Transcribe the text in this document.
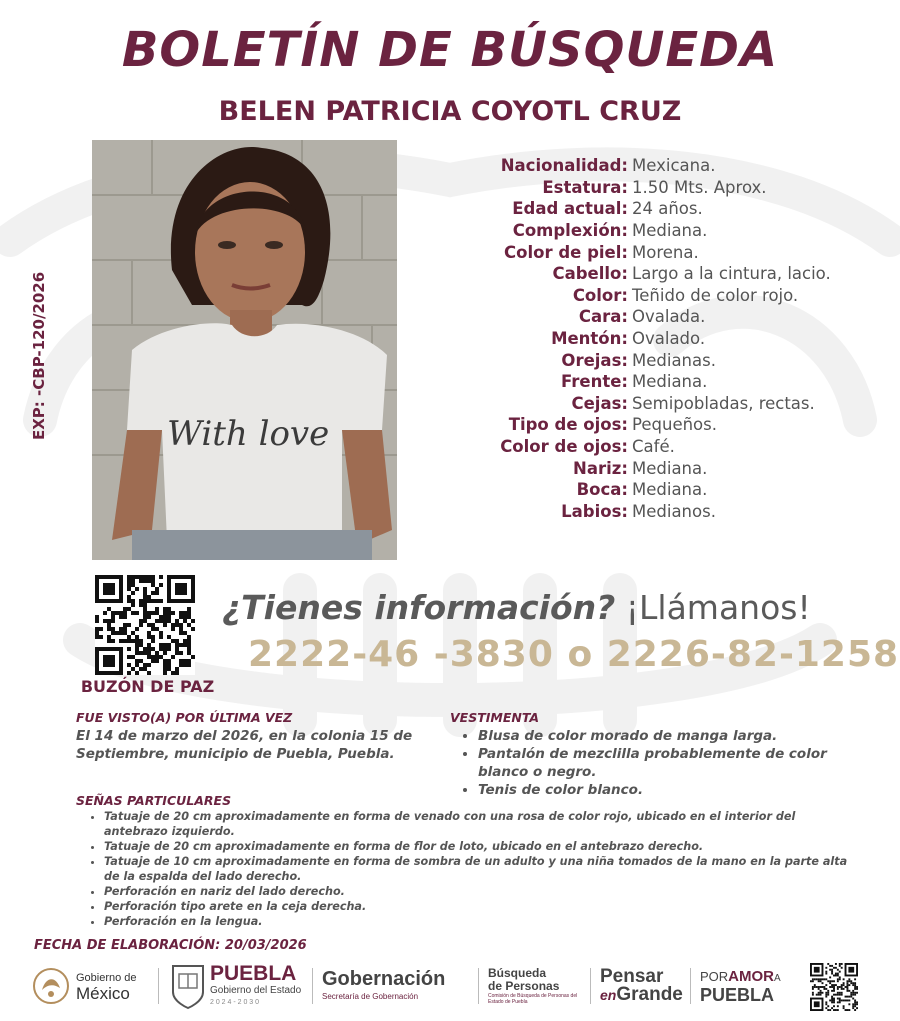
BOLETÍN DE BÚSQUEDA
BELEN PATRICIA COYOTL CRUZ
EXP: -CBP-120/2026	With love
Nacionalidad: Mexicana.
Estatura: 1.50 Mts. Aprox.
Edad actual: 24 años.
Complexión: Mediana.
Color de piel: Morena.
Cabello: Largo a la cintura, lacio.
Color: Teñido de color rojo.
Cara: Ovalada.
Mentón: Ovalado.
Orejas: Medianas.
Frente: Mediana.
Cejas: Semipobladas, rectas.
Tipo de ojos: Pequeños.
Color de ojos: Café.
Nariz: Mediana.
Boca: Mediana.
Labios: Medianos.
BUZÓN DE PAZ
¿Tienes información? ¡Llámanos!
2222-46 -3830 o 2226-82-1258
FUE VISTO(A) POR ÚLTIMA VEZ
El 14 de marzo del 2026, en la colonia 15 de Septiembre, municipio de Puebla, Puebla.
VESTIMENTA
• Blusa de color morado de manga larga.
• Pantalón de mezclilla probablemente de color blanco o negro.
• Tenis de color blanco.
SEÑAS PARTICULARES
• Tatuaje de 20 cm aproximadamente en forma de venado con una rosa de color rojo, ubicado en el interior del antebrazo izquierdo.
• Tatuaje de 20 cm aproximadamente en forma de flor de loto, ubicado en el antebrazo derecho.
• Tatuaje de 10 cm aproximadamente en forma de sombra de un adulto y una niña tomados de la mano en la parte alta de la espalda del lado derecho.
• Perforación en nariz del lado derecho.
• Perforación tipo arete en la ceja derecha.
• Perforación en la lengua.
FECHA DE ELABORACIÓN: 20/03/2026
Gobierno de
México
PUEBLA
Gobierno del Estado
2 0 2 4 - 2 0 3 0
Gobernación
Secretaría de Gobernación
Búsqueda
de Personas
Comisión de Búsqueda de Personas del Estado de Puebla
Pensar
enGrande
PORAMORA
PUEBLA
